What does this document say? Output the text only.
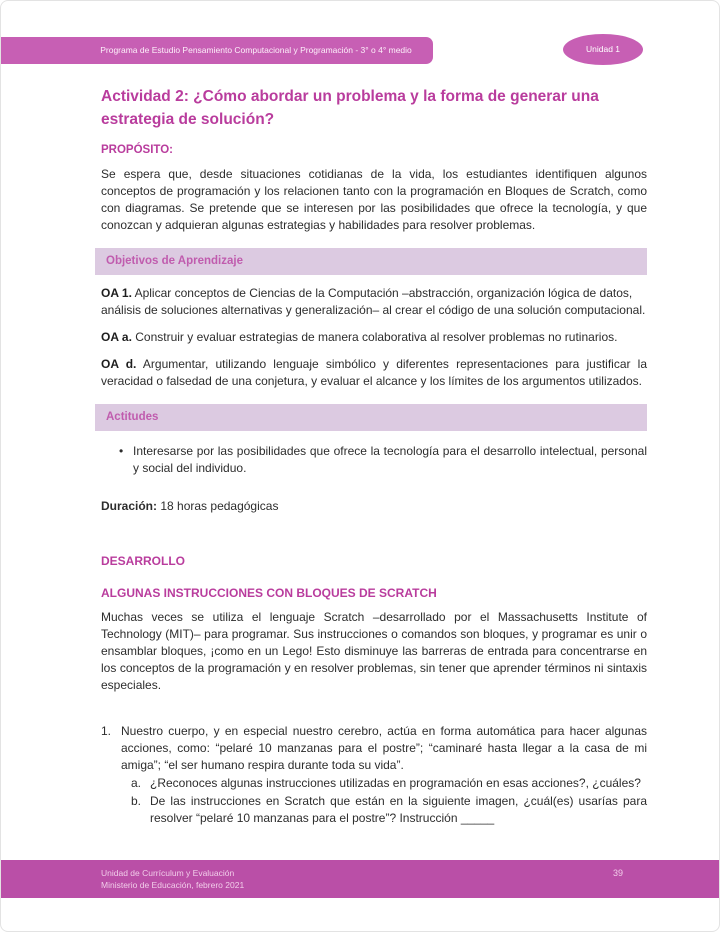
Programa de Estudio Pensamiento Computacional y Programación - 3° o 4° medio	Unidad 1
Actividad 2: ¿Cómo abordar un problema y la forma de generar una estrategia de solución?
PROPÓSITO:

Se espera que, desde situaciones cotidianas de la vida, los estudiantes identifiquen algunos conceptos de programación y los relacionen tanto con la programación en Bloques de Scratch, como con diagramas. Se pretende que se interesen por las posibilidades que ofrece la tecnología, y que conozcan y adquieran algunas estrategias y habilidades para resolver problemas.

Objetivos de Aprendizaje

OA 1. Aplicar conceptos de Ciencias de la Computación –abstracción, organización lógica de datos, análisis de soluciones alternativas y generalización– al crear el código de una solución computacional.

OA a. Construir y evaluar estrategias de manera colaborativa al resolver problemas no rutinarios.

OA d. Argumentar, utilizando lenguaje simbólico y diferentes representaciones para justificar la veracidad o falsedad de una conjetura, y evaluar el alcance y los límites de los argumentos utilizados.

Actitudes
• Interesarse por las posibilidades que ofrece la tecnología para el desarrollo intelectual, personal y social del individuo.

Duración: 18 horas pedagógicas

DESARROLLO
ALGUNAS INSTRUCCIONES CON BLOQUES DE SCRATCH

Muchas veces se utiliza el lenguaje Scratch –desarrollado por el Massachusetts Institute of Technology (MIT)– para programar. Sus instrucciones o comandos son bloques, y programar es unir o ensamblar bloques, ¡como en un Lego! Esto disminuye las barreras de entrada para concentrarse en los conceptos de la programación y en resolver problemas, sin tener que aprender términos ni sintaxis especiales.

1. Nuestro cuerpo, y en especial nuestro cerebro, actúa en forma automática para hacer algunas acciones, como: “pelaré 10 manzanas para el postre”; “caminaré hasta llegar a la casa de mi amiga”; “el ser humano respira durante toda su vida”.
a. ¿Reconoces algunas instrucciones utilizadas en programación en esas acciones?, ¿cuáles?
b. De las instrucciones en Scratch que están en la siguiente imagen, ¿cuál(es) usarías para resolver “pelaré 10 manzanas para el postre”? Instrucción _____
Unidad de Currículum y Evaluación
Ministerio de Educación, febrero 2021
39
